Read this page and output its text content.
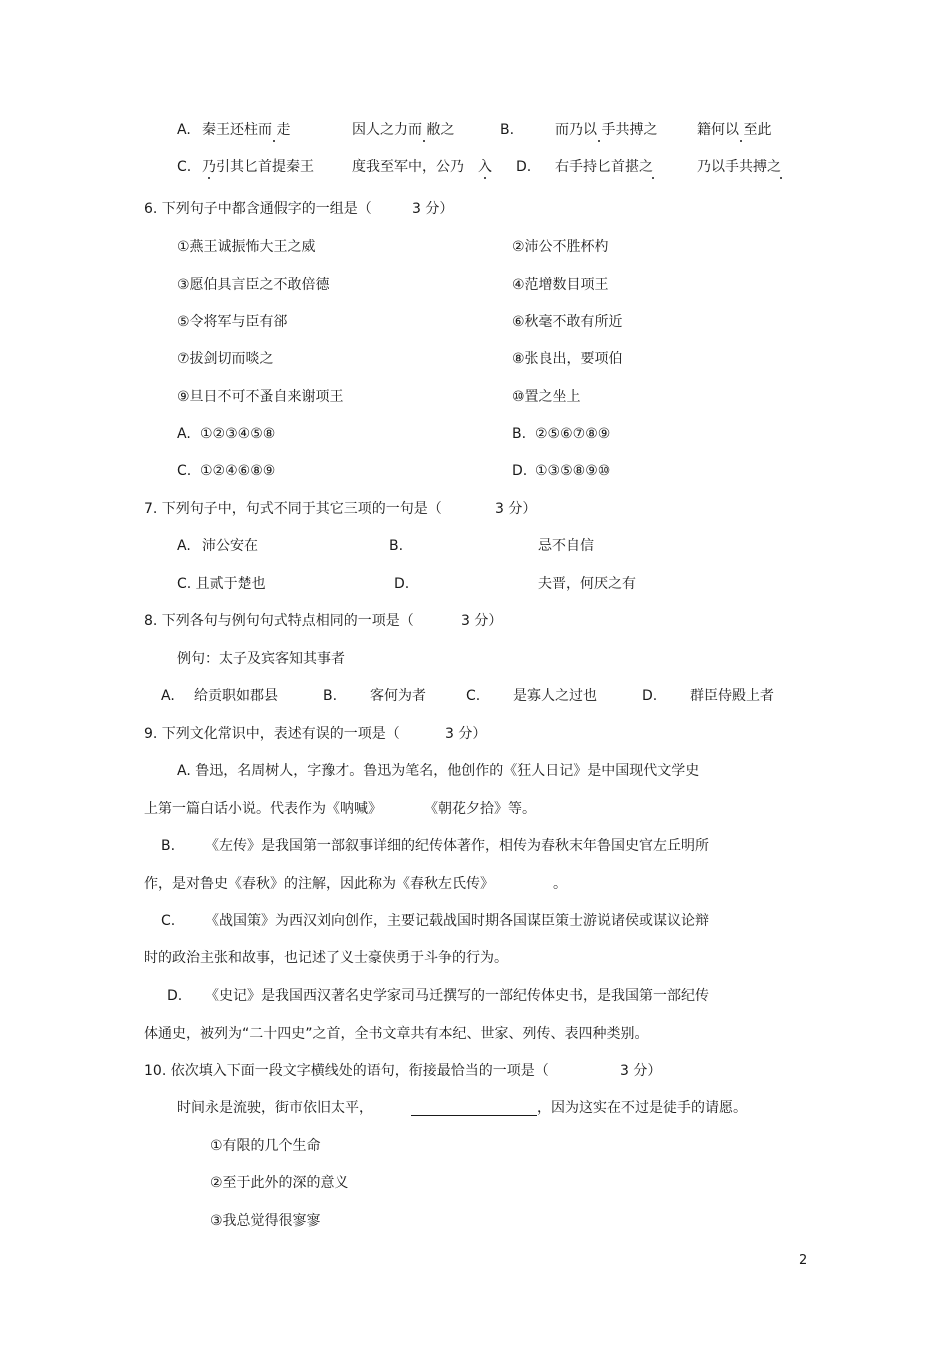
A. 秦王还柱而 走	因人之力而 敝之	B.	而乃以 手共搏之	籍何以 至此
C. 乃引其匕首提秦王	度我至军中，公乃 入 D. 右手持匕首揕之	乃以手共搏之
6. 下列句子中都含通假字的一组是（	3 分）
①燕王诚振怖大王之威	②沛公不胜杯杓
③愿伯具言臣之不敢倍德	④范增数目项王
⑤令将军与臣有郤	⑥秋毫不敢有所近
⑦拔剑切而啖之	⑧张良出，要项伯
⑨旦日不可不蚤自来谢项王	⑩置之坐上
A. ①②③④⑤⑧	B. ②⑤⑥⑦⑧⑨
C. ①②④⑥⑧⑨	D. ①③⑤⑧⑨⑩
7. 下列句子中，句式不同于其它三项的一句是（	3 分）
A. 沛公安在	B.	忌不自信
C. 且贰于楚也	D.	夫晋，何厌之有
8. 下列各句与例句句式特点相同的一项是（	3 分）
例句：太子及宾客知其事者
A. 给贡职如郡县	B. 客何为者	C. 是寡人之过也	D. 群臣侍殿上者
9. 下列文化常识中，表述有误的一项是（	3 分）
A. 鲁迅，名周树人，字豫才。鲁迅为笔名，他创作的《狂人日记》是中国现代文学史
上第一篇白话小说。代表作为《呐喊》	《朝花夕拾》等。
B. 《左传》是我国第一部叙事详细的纪传体著作，相传为春秋末年鲁国史官左丘明所
作，是对鲁史《春秋》的注解，因此称为《春秋左氏传》	。
C. 《战国策》为西汉刘向创作，主要记载战国时期各国谋臣策士游说诸侯或谋议论辩
时的政治主张和故事，也记述了义士豪侠勇于斗争的行为。
D. 《史记》是我国西汉著名史学家司马迁撰写的一部纪传体史书，是我国第一部纪传
体通史，被列为“二十四史”之首，全书文章共有本纪、世家、列传、表四种类别。
10. 依次填入下面一段文字横线处的语句，衔接最恰当的一项是（	3 分）
时间永是流驶，街市依旧太平，	，因为这实在不过是徒手的请愿。
①有限的几个生命
②至于此外的深的意义
③我总觉得很寥寥
2
